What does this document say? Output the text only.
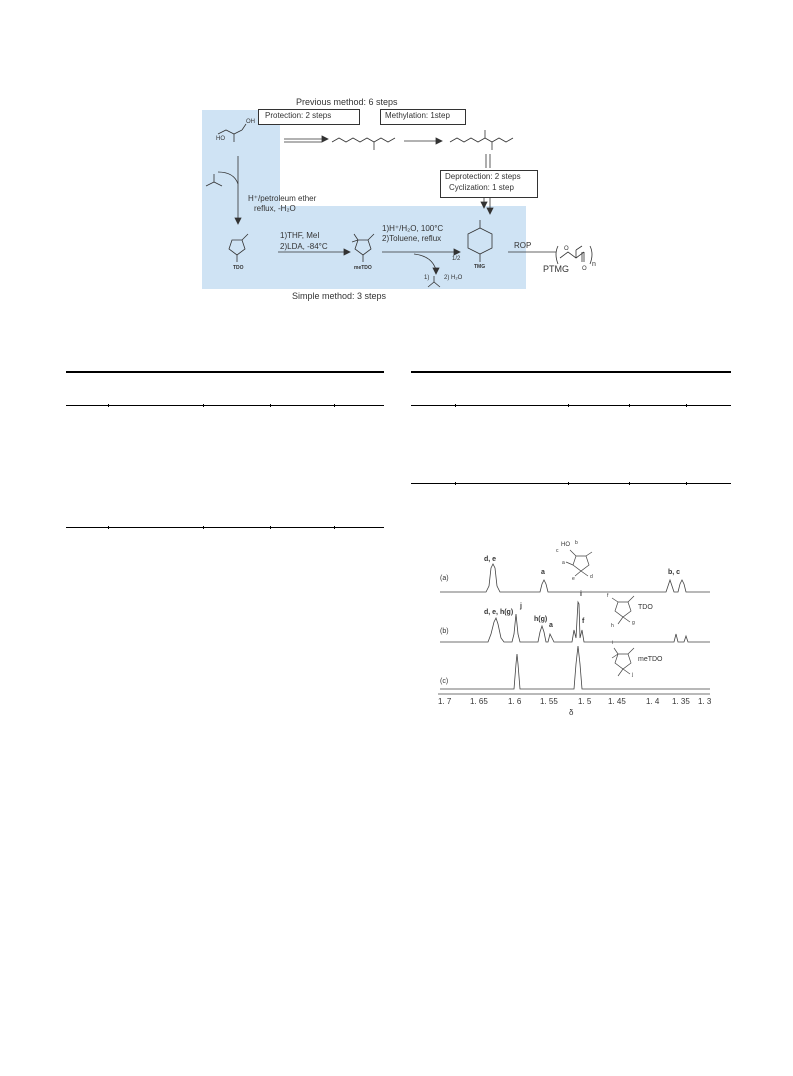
HO
OH
Previous method: 6 steps
Protection: 2 steps	Methylation: 1step
Deprotection: 2 steps
Cyclization: 1 step
H⁺/petroleum ether
reflux, -H₂O
1)THF, MeI
2)LDA, -84°C
1)H⁺/H₂O, 100°C
2)Toluene, reflux
1/2
1) 2) H₂O
ROP
TDO	meTDO	TMG
Simple method: 3 steps
O
O
n
PTMG
(a)
(b)
(c)
d, e
a	b, c
d, e, h(g)
j
h(g)
a
i
f
HO
c
b
a
e	d
f
h	g
TDO
i
j
meTDO
1. 7 1. 65	1. 6 1. 55	1. 5 1. 45	1. 4 1. 35 1. 3
δ
